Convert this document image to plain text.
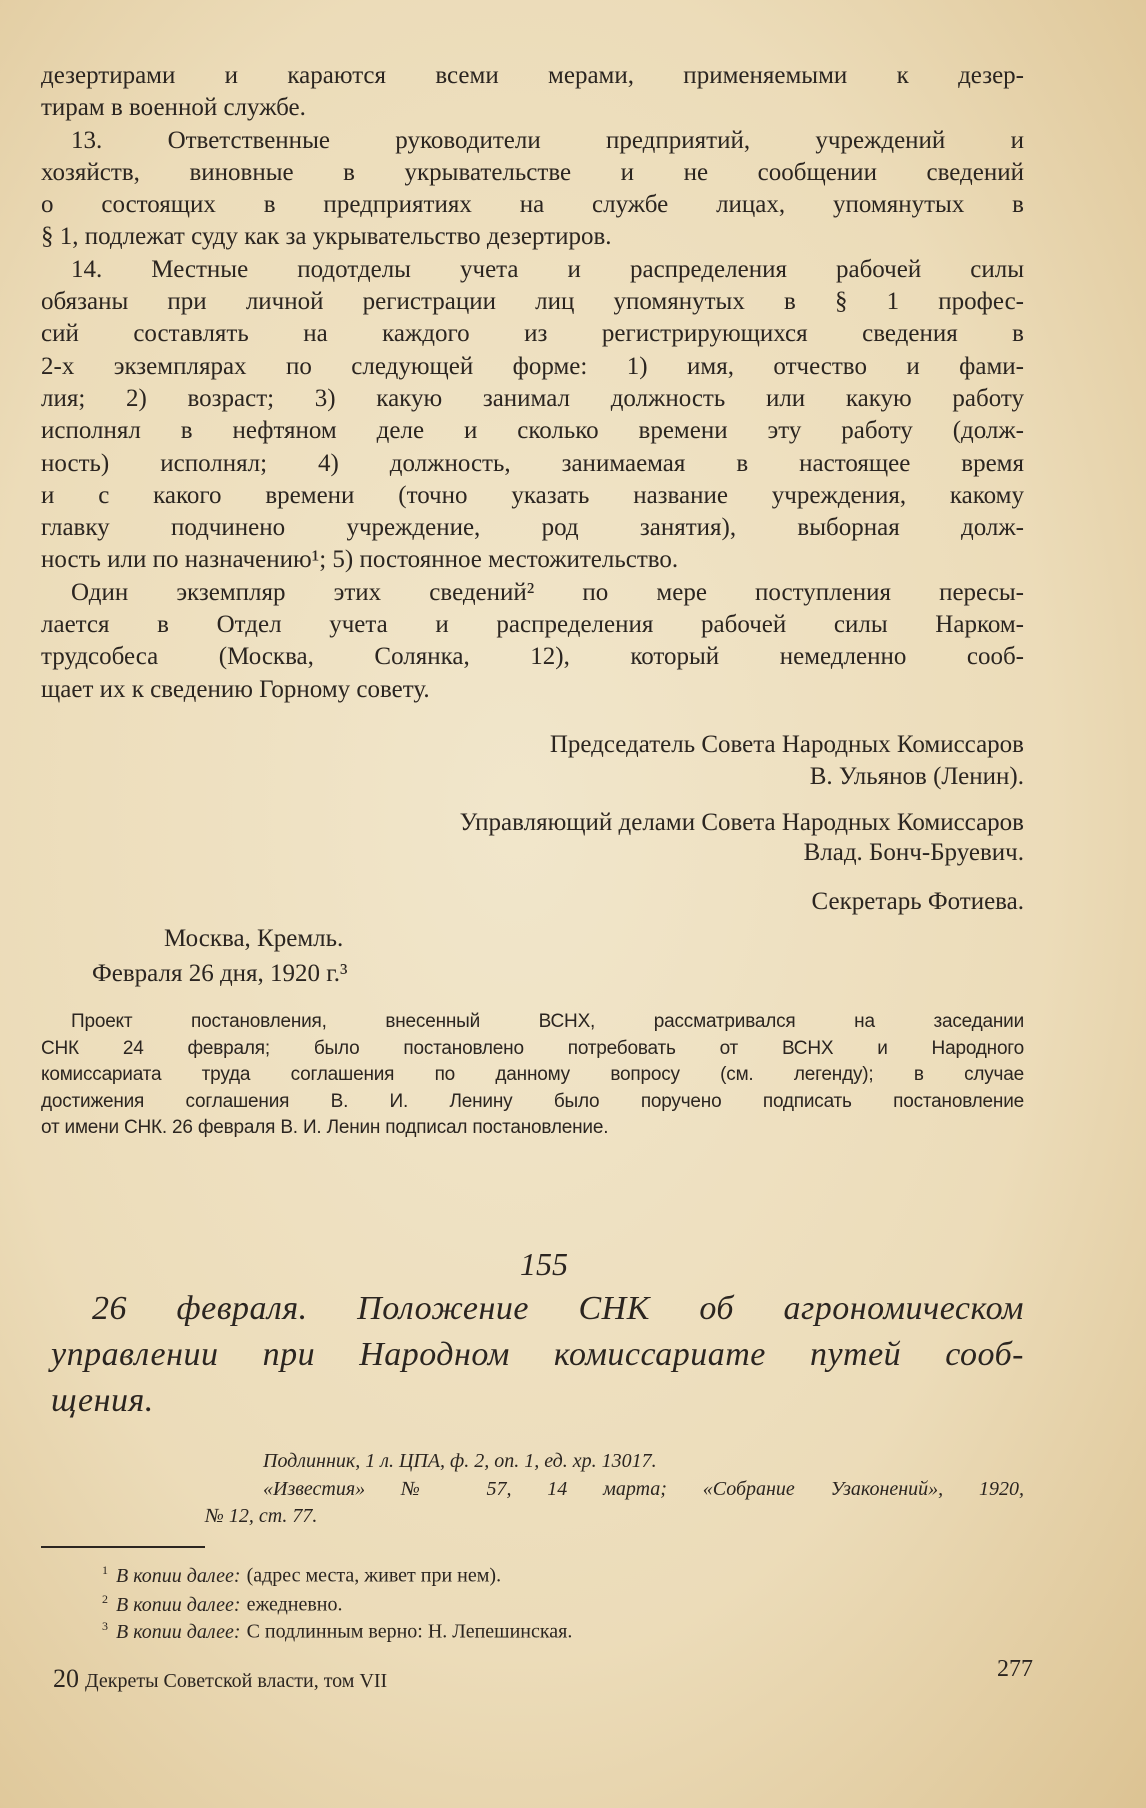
дезертирами и караются всеми мерами, применяемыми к дезер-
тирам в военной службе.
13. Ответственные руководители предприятий, учреждений и
хозяйств, виновные в укрывательстве и не сообщении сведений
о состоящих в предприятиях на службе лицах, упомянутых в
§ 1, подлежат суду как за укрывательство дезертиров.
14. Местные подотделы учета и распределения рабочей силы
обязаны при личной регистрации лиц упомянутых в § 1 профес-
сий составлять на каждого из регистрирующихся сведения в
2-х экземплярах по следующей форме: 1) имя, отчество и фами-
лия; 2) возраст; 3) какую занимал должность или какую работу
исполнял в нефтяном деле и сколько времени эту работу (долж-
ность) исполнял; 4) должность, занимаемая в настоящее время
и с какого времени (точно указать название учреждения, какому
главку подчинено учреждение, род занятия), выборная долж-
ность или по назначению¹; 5) постоянное местожительство.
Один экземпляр этих сведений² по мере поступления пересы-
лается в Отдел учета и распределения рабочей силы Нарком-
трудсобеса (Москва, Солянка, 12), который немедленно сооб-
щает их к сведению Горному совету.
Председатель Совета Народных Комиссаров
В. Ульянов (Ленин).
Управляющий делами Совета Народных Комиссаров
Влад. Бонч-Бруевич.
Секретарь Фотиева.
Москва, Кремль.
Февраля 26 дня, 1920 г.³
Проект постановления, внесенный ВСНХ, рассматривался на заседании
СНК 24 февраля; было постановлено потребовать от ВСНХ и Народного
комиссариата труда соглашения по данному вопросу (см. легенду); в случае
достижения соглашения В. И. Ленину было поручено подписать постановление
от имени СНК. 26 февраля В. И. Ленин подписал постановление.
155
26 февраля. Положение СНК об агрономическом
управлении при Народном комиссариате путей сооб-
щения.
Подлинник, 1 л. ЦПА, ф. 2, оп. 1, ед. хр. 13017.
«Известия» № 57, 14 марта; «Собрание Узаконений», 1920,
№ 12, ст. 77.
$^1$ В копии далее: (адрес места, живет при нем).
$^2$ В копии далее: ежедневно.
$^3$ В копии далее: С подлинным верно: Н. Лепешинская.
20 Декреты Советской власти, том VII	277
